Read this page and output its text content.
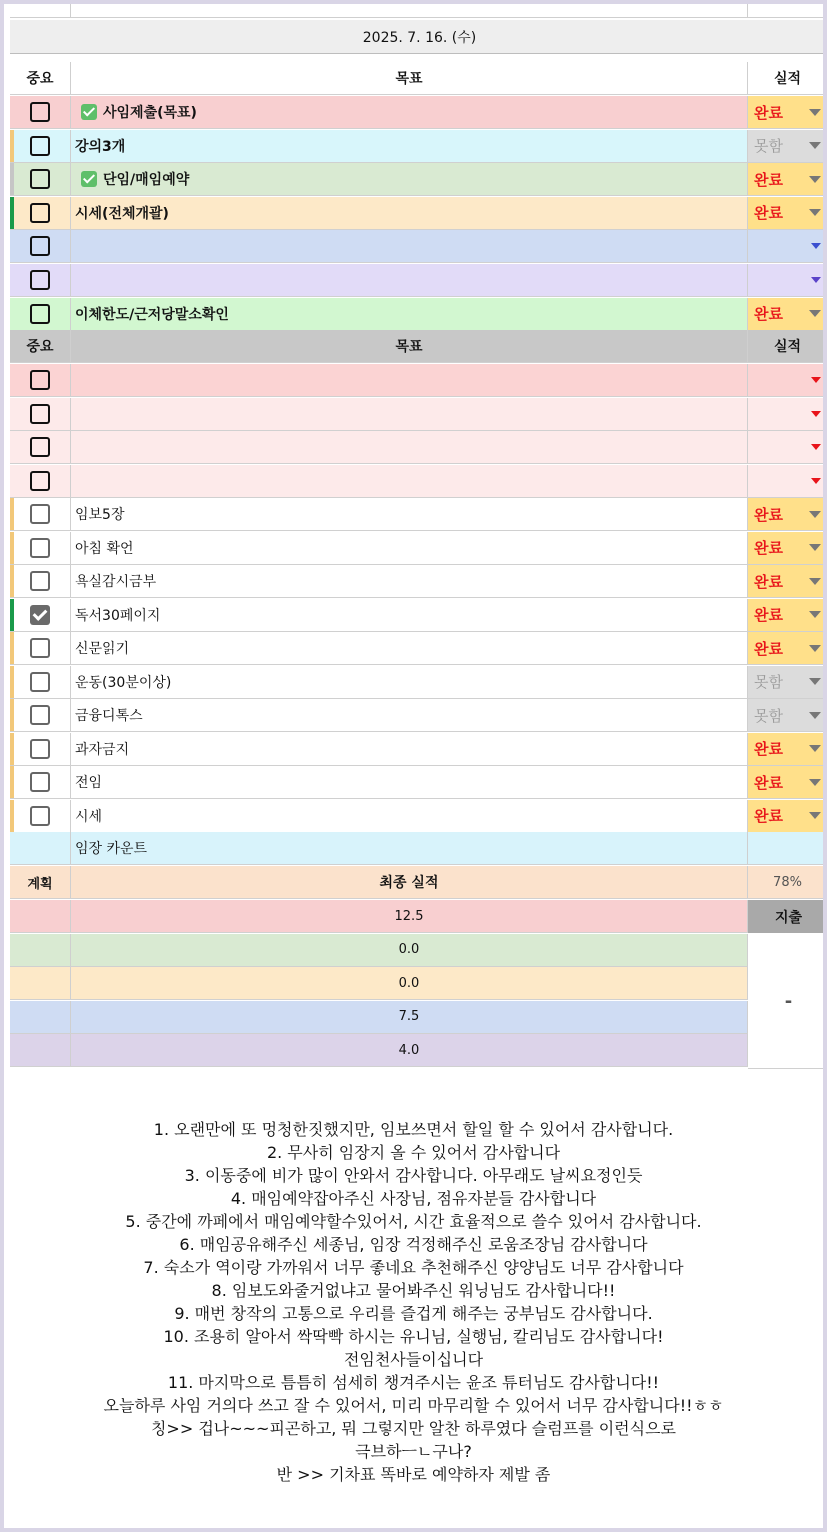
2025. 7. 16. (수)
중요	목표	실적
사임제출(목표)	완료
강의3개	못함
단임/매임예약	완료
시세(전체개괄)	완료
이체한도/근저당말소확인	완료
중요	목표	실적
임보5장	완료
아침 확언	완료
욕실감시금부	완료
독서30페이지	완료
신문읽기	완료
운동(30분이상)	못함
금융디톡스	못함
과자금지	완료
전임	완료
시세	완료
임장 카운트
계획	최종 실적	78%
12.5
0.0
0.0
7.5
4.0
지출
-
1. 오랜만에 또 멍청한짓했지만, 임보쓰면서 할일 할 수 있어서 감사합니다.
2. 무사히 임장지 올 수 있어서 감사합니다
3. 이동중에 비가 많이 안와서 감사합니다. 아무래도 날씨요정인듯
4. 매임예약잡아주신 사장님, 점유자분들 감사합니다
5. 중간에 까페에서 매임예약할수있어서, 시간 효율적으로 쓸수 있어서 감사합니다.
6. 매임공유해주신 세종님, 임장 걱정해주신 로움조장님 감사합니다
7. 숙소가 역이랑 가까워서 너무 좋네요 추천해주신 양양님도 너무 감사합니다
8. 임보도와줄거없냐고 물어봐주신 워닝님도 감사합니다!!
9. 매번 창작의 고통으로 우리를 즐겁게 해주는 궁부님도 감사합니다.
10. 조용히 알아서 싹딱빡 하시는 유니님, 실행님, 칼리님도 감사합니다!
전임천사들이십니다
11. 마지막으로 틈틈히 섬세히 챙겨주시는 윤조 튜터님도 감사합니다!!
오늘하루 사임 거의다 쓰고 잘 수 있어서, 미리 마무리할 수 있어서 너무 감사합니다!!ㅎㅎ
칭>> 겁나~~~피곤하고, 뭐 그렇지만 알찬 하루였다 슬럼프를 이런식으로
극브하ㅡㄴ구나?
반 >> 기차표 똑바로 예약하자 제발 좀
